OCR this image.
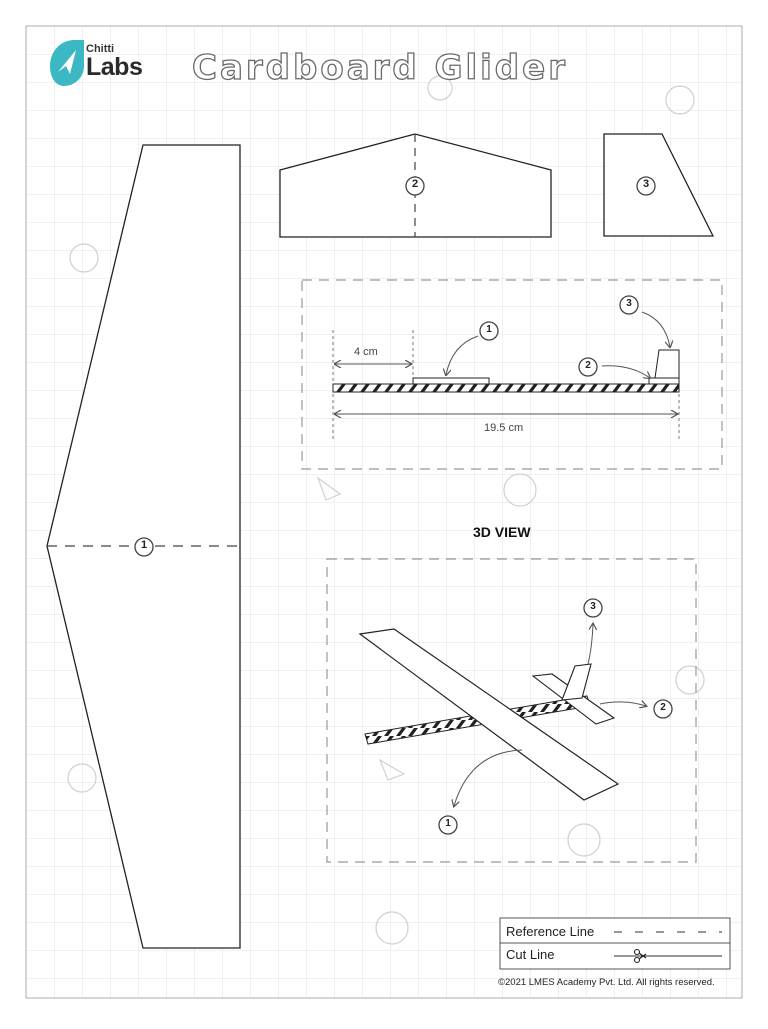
Chitti
Labs Cardboard Glider
1
2	3
4 cm
19.5 cm
1
2
3
3D VIEW
3
2
1
Reference Line
Cut Line
©2021 LMES Academy Pvt. Ltd. All rights reserved.
